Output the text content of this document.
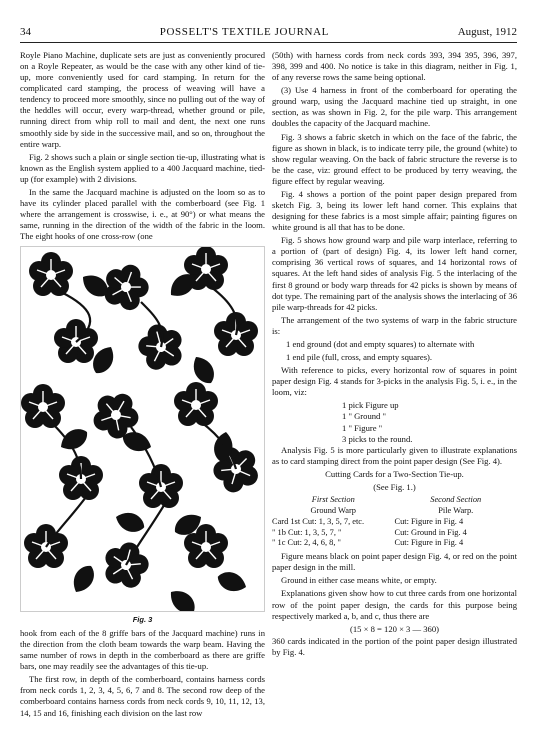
34	POSSELT'S TEXTILE JOURNAL	August, 1912

Royle Piano Machine, duplicate sets are just as conveniently procured on a Royle Repeater, as would be the case with any other kind of tie-up, more conveniently used for card stamping. In return for the complicated card stamping, the process of weaving will have a tendency to proceed more smoothly, since no pulling out of the way of the heddles will occur, every warp-thread, whether ground or pile, running direct from whip roll to mail and dent, the next one runs smoothly side by side in the successive mail, and so on, throughout the entire warp.

Fig. 2 shows such a plain or single section tie-up, illustrating what is known as the English system applied to a 400 Jacquard machine, tied-up (for example) with 2 divisions.

In the same the Jacquard machine is adjusted on the loom so as to have its cylinder placed parallel with the comberboard (see Fig. 1 where the arrangement is crosswise, i. e., at 90°) or what means the same, running in the direction of the width of the fabric in the loom. The eight hooks of one cross-row (one

Fig. 3

hook from each of the 8 griffe bars of the Jacquard machine) runs in the direction from the cloth beam towards the warp beam. Having the same number of rows in depth in the comberboard as there are griffe bars, one may readily see the advantages of this tie-up.

The first row, in depth of the comberboard, contains harness cords from neck cords 1, 2, 3, 4, 5, 6, 7 and 8. The second row deep of the comberboard contains harness cords from neck cords 9, 10, 11, 12, 13, 14, 15 and 16, finishing each division on the last row

(50th) with harness cords from neck cords 393, 394 395, 396, 397, 398, 399 and 400. No notice is take in this diagram, neither in Fig. 1, of any reverse rows the same being optional.

(3) Use 4 harness in front of the comberboard for operating the ground warp, using the Jacquard machine tied up straight, in one section, as was shown in Fig. 2, for the pile warp. This arrangement doubles the capacity of the Jacquard machine.

Fig. 3 shows a fabric sketch in which on the face of the fabric, the figure as shown in black, is to indicate terry pile, the ground (white) to show regular weaving. On the back of fabric structure the reverse is to be the case, viz: ground effect to be produced by terry weaving, the figure effect by regular weaving.

Fig. 4 shows a portion of the point paper design prepared from sketch Fig. 3, being its lower left hand corner. This explains that designing for these fabrics is a most simple affair; painting figures on white ground is all that has to be done.

Fig. 5 shows how ground warp and pile warp interlace, referring to a portion of (part of design) Fig. 4, its lower left hand corner, comprising 36 vertical rows of squares, and 14 horizontal rows of squares. At the left hand sides of analysis Fig. 5 the interlacing of the first 8 ground or body warp threads for 42 picks is shown by means of dot type. The remaining part of the analysis shows the interlacing of 36 pile warp-threads for 42 picks.

The arrangement of the two systems of warp in the fabric structure is:

1 end ground (dot and empty squares) to alternate with

1 end pile (full, cross, and empty squares).

With reference to picks, every horizontal row of squares in point paper design Fig. 4 stands for 3-picks in the analysis Fig. 5, i. e., in the loom, viz:

1 pick Figure up

1 " Ground "

1 " Figure "

3 picks to the round.

Analysis Fig. 5 is more particularly given to illustrate explanations as to card stamping direct from the point paper design (See Fig. 4).

Cutting Cards for a Two-Section Tie-up.

(See Fig. 1.)

First Section	Second Section
Ground Warp	Pile Warp.
Card 1st Cut: 1, 3, 5, 7, etc.	Cut: Figure in Fig. 4
" 1b Cut: 1, 3, 5, 7, "	Cut: Ground in Fig. 4
" 1c Cut: 2, 4, 6, 8, "	Cut: Figure in Fig. 4

Figure means black on point paper design Fig. 4, or red on the point paper design in the mill.

Ground in either case means white, or empty.

Explanations given show how to cut three cards from one horizontal row of the point paper design, the cards for this purpose being respectively marked a, b, and c, thus there are

(15 × 8 = 120 × 3 — 360)

360 cards indicated in the portion of the point paper design illustrated by Fig. 4.
